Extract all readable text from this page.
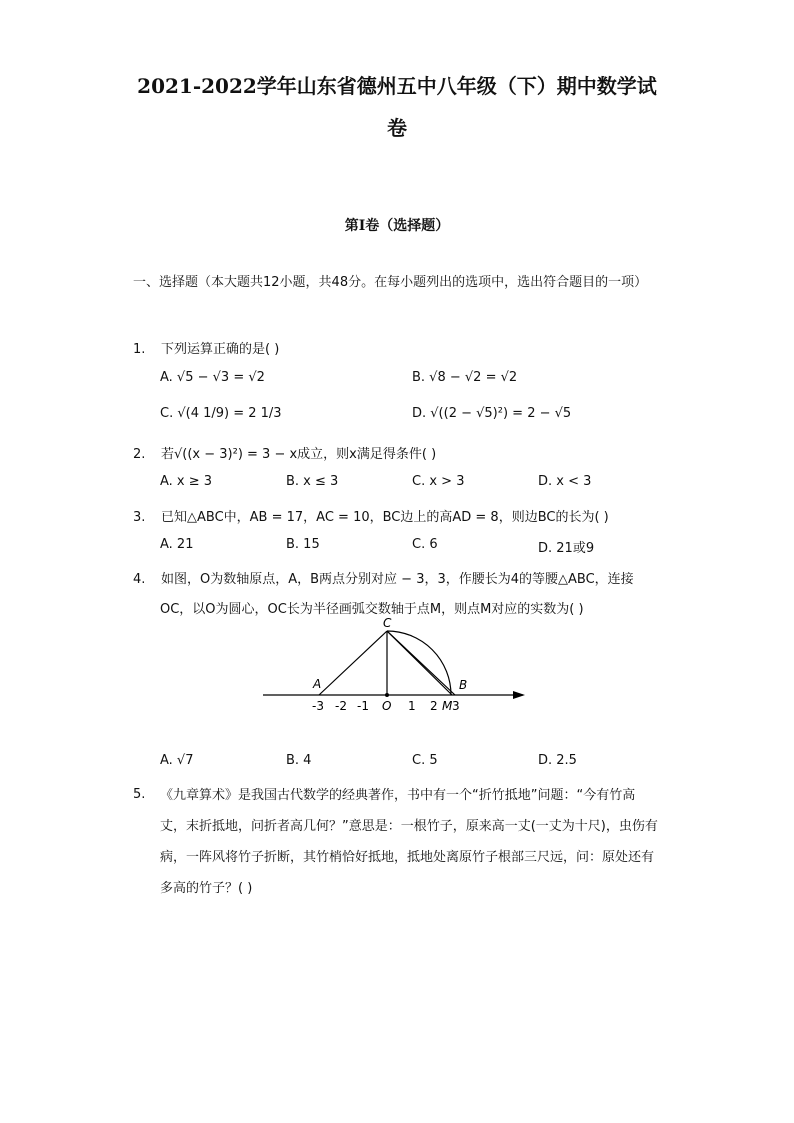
2021-2022学年山东省德州五中八年级（下）期中数学试
卷
第I卷（选择题）
一、选择题（本大题共12小题，共48分。在每小题列出的选项中，选出符合题目的一项）
1. 下列运算正确的是( )
A. √5 − √3 = √2	B. √8 − √2 = √2
C. √(4 1/9) = 2 1/3	D. √((2 − √5)²) = 2 − √5
2. 若√((x − 3)²) = 3 − x成立，则x满足得条件( )
A. x ≥ 3	B. x ≤ 3	C. x > 3	D. x < 3
3. 已知△ABC中，AB = 17，AC = 10，BC边上的高AD = 8，则边BC的长为( )
A. 21	B. 15	C. 6	D. 21或9
4. 如图，O为数轴原点，A，B两点分别对应 − 3，3，作腰长为4的等腰△ABC，连接
OC，以O为圆心，OC长为半径画弧交数轴于点M，则点M对应的实数为( )
C
A	B
O	M
-3 -2 -1	1 2 3
A. √7	B. 4	C. 5	D. 2.5
5. 《九章算术》是我国古代数学的经典著作，书中有一个“折竹抵地”问题：“今有竹高丈，末折抵地，问折者高几何？”意思是：一根竹子，原来高一丈(一丈为十尺)，虫伤有病，一阵风将竹子折断，其竹梢恰好抵地，抵地处离原竹子根部三尺远，问：原处还有多高的竹子？( )
